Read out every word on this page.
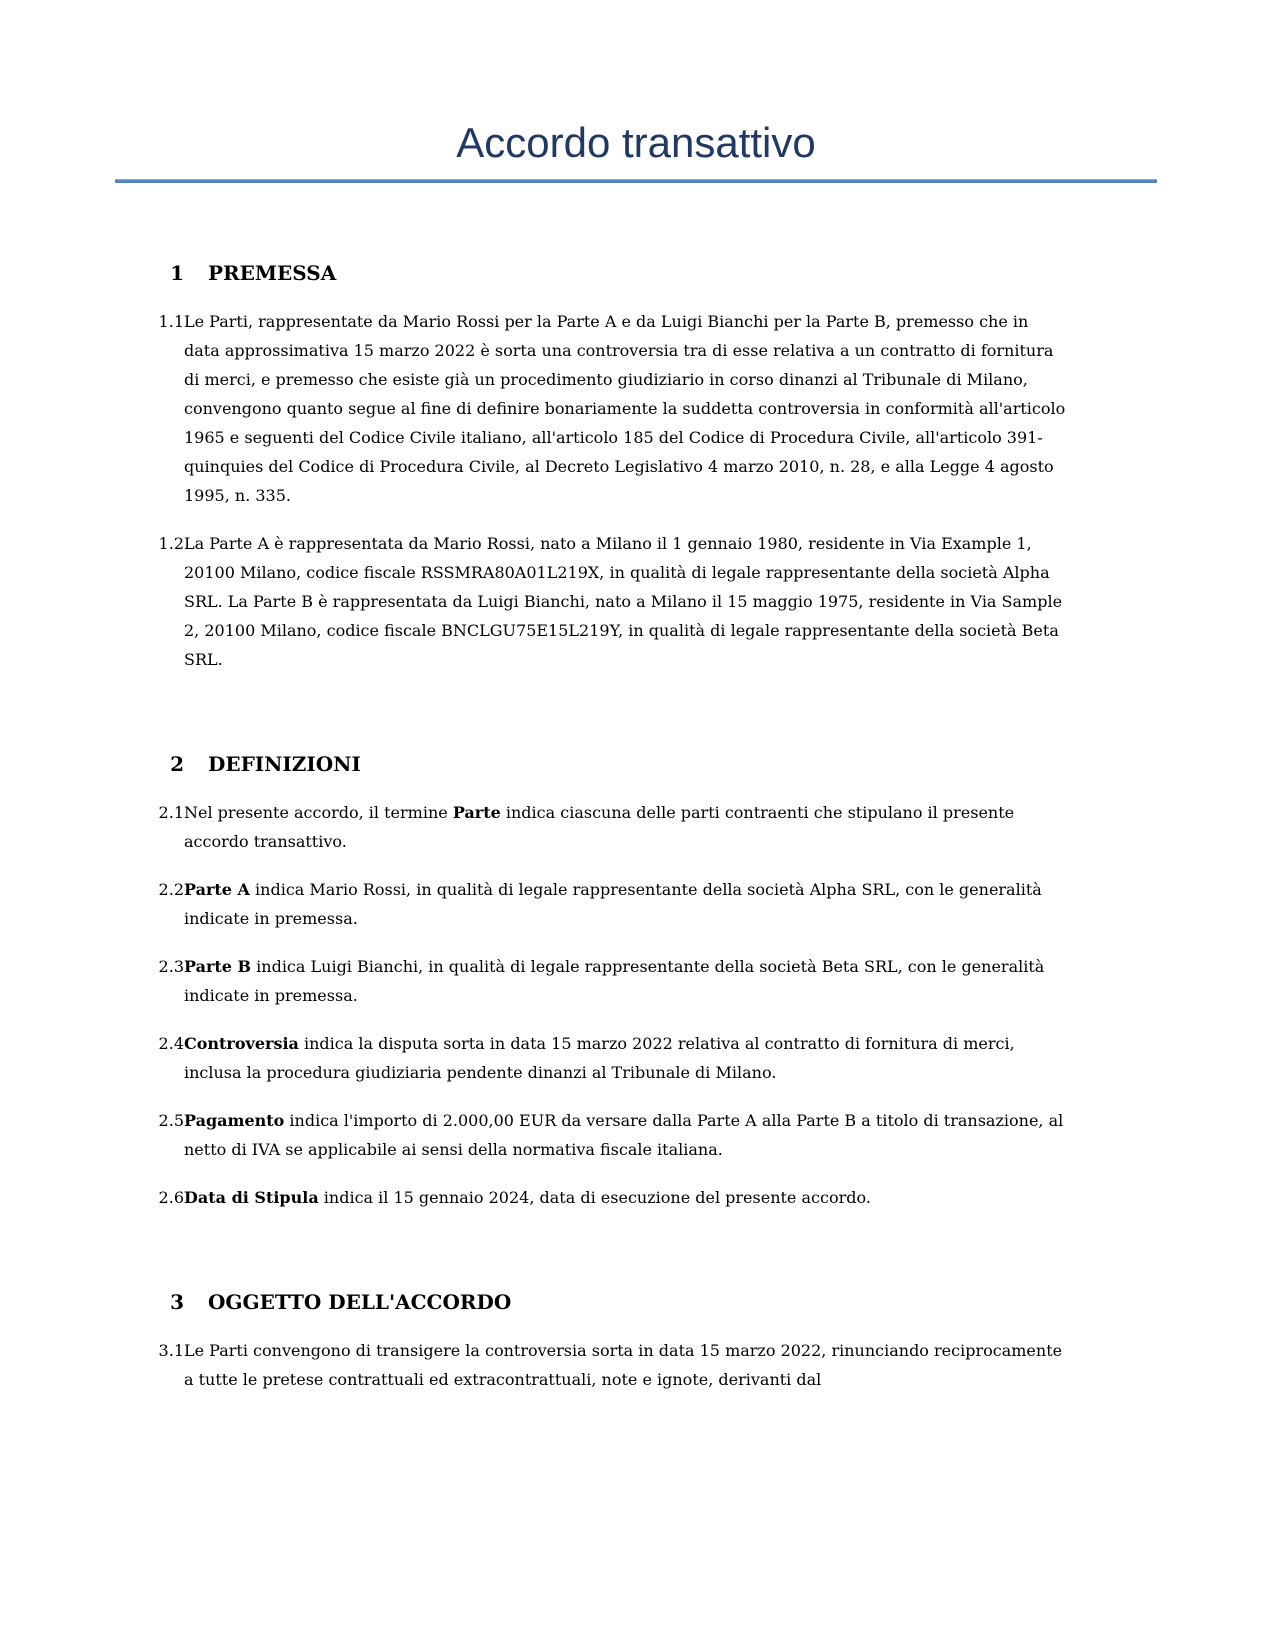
Accordo transattivo
1 PREMESSA
1.1 Le Parti, rappresentate da Mario Rossi per la Parte A e da Luigi Bianchi per la Parte B, premesso che in data approssimativa 15 marzo 2022 è sorta una controversia tra di esse relativa a un contratto di fornitura di merci, e premesso che esiste già un procedimento giudiziario in corso dinanzi al Tribunale di Milano, convengono quanto segue al fine di definire bonariamente la suddetta controversia in conformità all'articolo 1965 e seguenti del Codice Civile italiano, all'articolo 185 del Codice di Procedura Civile, all'articolo 391-quinquies del Codice di Procedura Civile, al Decreto Legislativo 4 marzo 2010, n. 28, e alla Legge 4 agosto 1995, n. 335.

1.2 La Parte A è rappresentata da Mario Rossi, nato a Milano il 1 gennaio 1980, residente in Via Example 1, 20100 Milano, codice fiscale RSSMRA80A01L219X, in qualità di legale rappresentante della società Alpha SRL. La Parte B è rappresentata da Luigi Bianchi, nato a Milano il 15 maggio 1975, residente in Via Sample 2, 20100 Milano, codice fiscale BNCLGU75E15L219Y, in qualità di legale rappresentante della società Beta SRL.

2 DEFINIZIONI
2.1 Nel presente accordo, il termine Parte indica ciascuna delle parti contraenti che stipulano il presente accordo transattivo.

2.2 Parte A indica Mario Rossi, in qualità di legale rappresentante della società Alpha SRL, con le generalità indicate in premessa.

2.3 Parte B indica Luigi Bianchi, in qualità di legale rappresentante della società Beta SRL, con le generalità indicate in premessa.

2.4 Controversia indica la disputa sorta in data 15 marzo 2022 relativa al contratto di fornitura di merci, inclusa la procedura giudiziaria pendente dinanzi al Tribunale di Milano.

2.5 Pagamento indica l'importo di 2.000,00 EUR da versare dalla Parte A alla Parte B a titolo di transazione, al netto di IVA se applicabile ai sensi della normativa fiscale italiana.

2.6 Data di Stipula indica il 15 gennaio 2024, data di esecuzione del presente accordo.

3 OGGETTO DELL'ACCORDO
3.1 Le Parti convengono di transigere la controversia sorta in data 15 marzo 2022, rinunciando reciprocamente a tutte le pretese contrattuali ed extracontrattuali, note e ignote, derivanti dal
